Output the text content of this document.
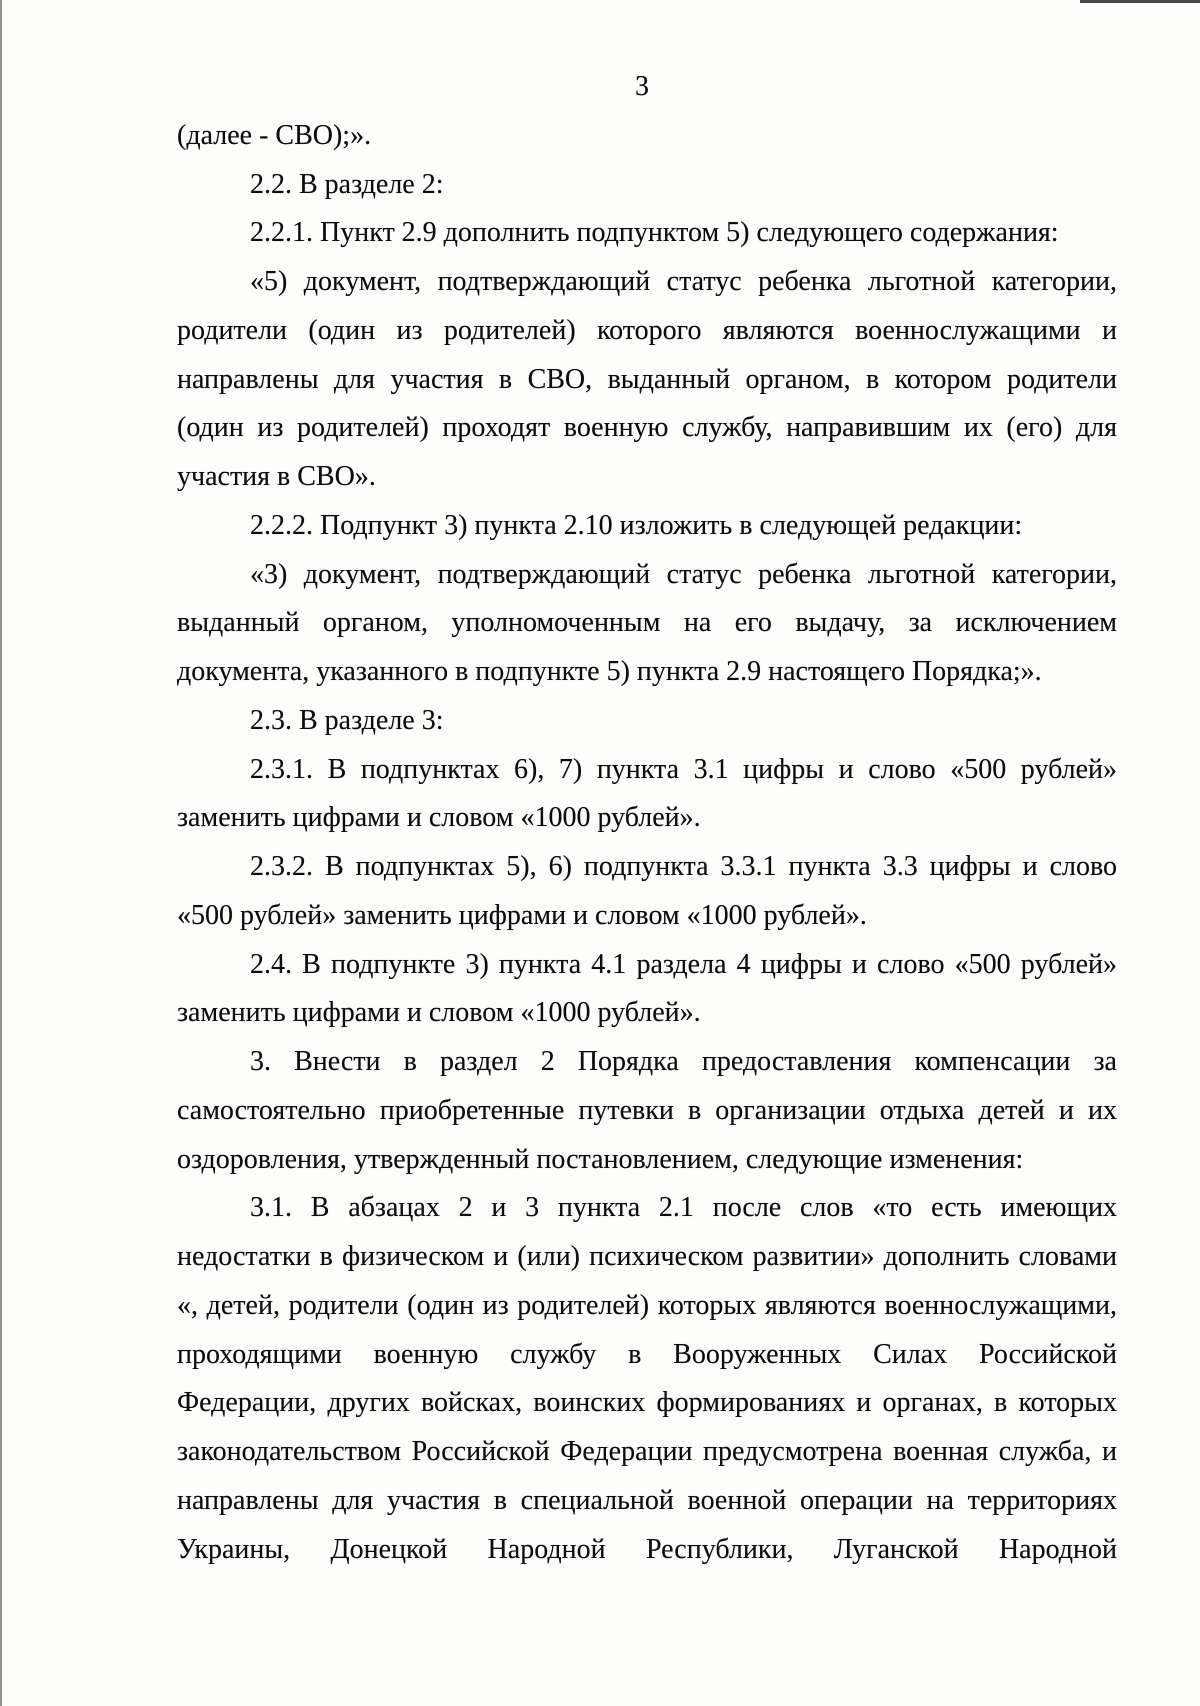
3
(далее - СВО);».
2.2. В разделе 2:
2.2.1. Пункт 2.9 дополнить подпунктом 5) следующего содержания:
«5) документ, подтверждающий статус ребенка льготной категории,
родители (один из родителей) которого являются военнослужащими и
направлены для участия в СВО, выданный органом, в котором родители
(один из родителей) проходят военную службу, направившим их (его) для
участия в СВО».
2.2.2. Подпункт 3) пункта 2.10 изложить в следующей редакции:
«3) документ, подтверждающий статус ребенка льготной категории,
выданный органом, уполномоченным на его выдачу, за исключением
документа, указанного в подпункте 5) пункта 2.9 настоящего Порядка;».
2.3. В разделе 3:
2.3.1. В подпунктах 6), 7) пункта 3.1 цифры и слово «500 рублей»
заменить цифрами и словом «1000 рублей».
2.3.2. В подпунктах 5), 6) подпункта 3.3.1 пункта 3.3 цифры и слово
«500 рублей» заменить цифрами и словом «1000 рублей».
2.4. В подпункте 3) пункта 4.1 раздела 4 цифры и слово «500 рублей»
заменить цифрами и словом «1000 рублей».
3. Внести в раздел 2 Порядка предоставления компенсации за
самостоятельно приобретенные путевки в организации отдыха детей и их
оздоровления, утвержденный постановлением, следующие изменения:
3.1. В абзацах 2 и 3 пункта 2.1 после слов «то есть имеющих
недостатки в физическом и (или) психическом развитии» дополнить словами
«, детей, родители (один из родителей) которых являются военнослужащими,
проходящими военную службу в Вооруженных Силах Российской
Федерации, других войсках, воинских формированиях и органах, в которых
законодательством Российской Федерации предусмотрена военная служба, и
направлены для участия в специальной военной операции на территориях
Украины, Донецкой Народной Республики, Луганской Народной
